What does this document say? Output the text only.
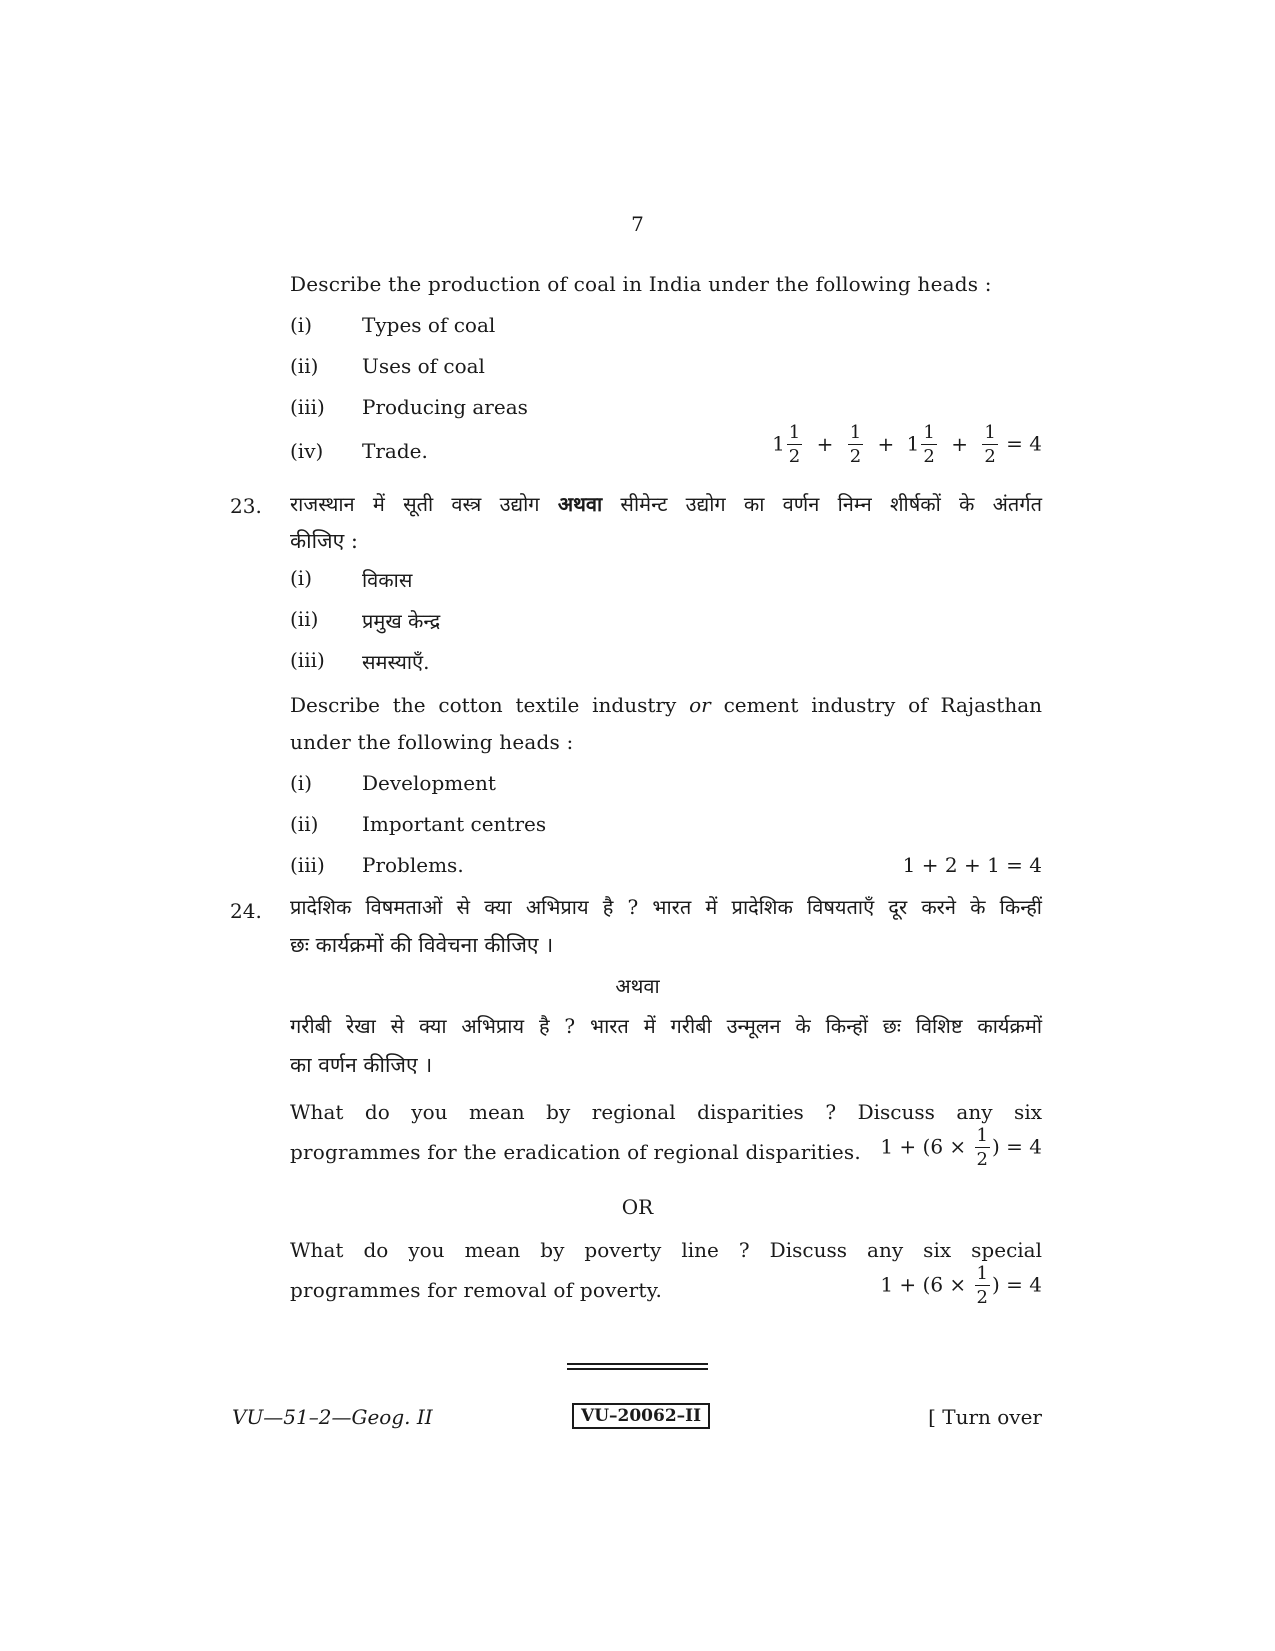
7
Describe the production of coal in India under the following heads :
(i) Types of coal
(ii) Uses of coal
(iii) Producing areas
(iv) Trade.	$1 \frac{1}{2} + \frac{1}{2} + 1 \frac{1}{2} + \frac{1}{2} = 4$
23. राजस्थान में सूती वस्त्र उद्योग अथवा सीमेन्ट उद्योग का वर्णन निम्न शीर्षकों के अंतर्गत
कीजिए :
(i) विकास
(ii) प्रमुख केन्द्र
(iii) समस्याएँ.
Describe the cotton textile industry or cement industry of Rajasthan
under the following heads :
(i) Development
(ii) Important centres
(iii) Problems.	1 + 2 + 1 = 4
24. प्रादेशिक विषमताओं से क्या अभिप्राय है ? भारत में प्रादेशिक विषयताएँ दूर करने के किन्हीं
छः कार्यक्रमों की विवेचना कीजिए ।
अथवा
गरीबी रेखा से क्या अभिप्राय है ? भारत में गरीबी उन्मूलन के किन्हों छः विशिष्ट कार्यक्रमों
का वर्णन कीजिए ।
What do you mean by regional disparities ? Discuss any six
programmes for the eradication of regional disparities. $1 + (6 \times \frac{1}{2}$ ) = 4
OR
What do you mean by poverty line ? Discuss any six special
programmes for removal of poverty.	$1 + (6 \times \frac{1}{2}$ ) = 4
VU—51–2—Geog. II	VU–20062–II	[ Turn over
